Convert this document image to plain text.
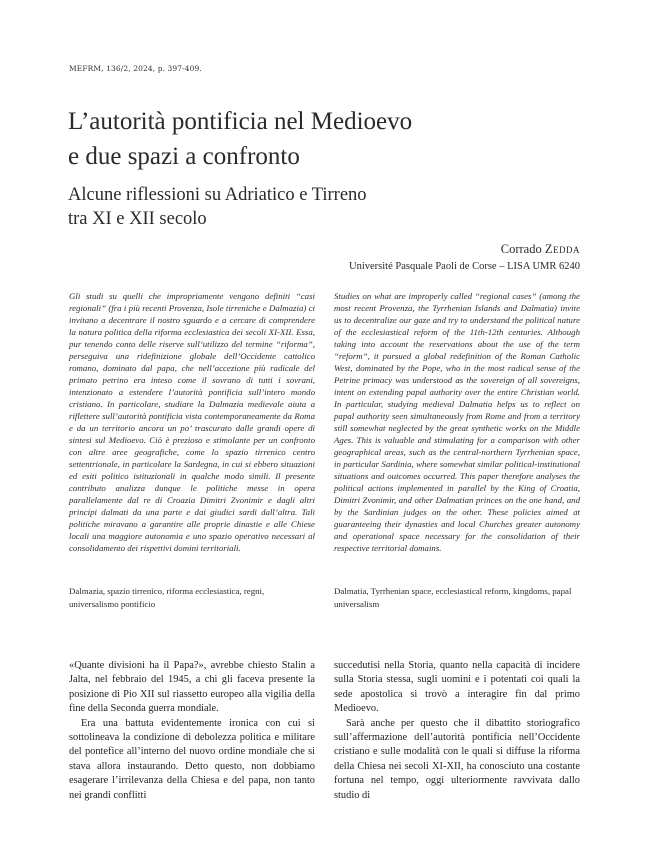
MEFRM, 136/2, 2024, p. 397-409.
L’autorità pontificia nel Medioevo
e due spazi a confronto
Alcune riflessioni su Adriatico e Tirreno
tra XI e XII secolo
Corrado Zedda
Université Pasquale Paoli de Corse – LISA UMR 6240
Gli studi su quelli che impropriamente vengono definiti “casi regionali” (fra i più recenti Provenza, Isole tirreniche e Dalmazia) ci invitano a decentrare il nostro sguardo e a cercare di comprendere la natura politica della riforma ecclesiastica dei secoli XI-XII. Essa, pur tenendo conto delle riserve sull’utilizzo del termine “riforma”, perseguiva una ridefinizione globale dell’Occidente cattolico romano, dominato dal papa, che nell’accezione più radicale del primato petrino era inteso come il sovrano di tutti i sovrani, intenzionato a estendere l’autorità pontificia sull’intero mondo cristiano. In particolare, studiare la Dalmazia medievale aiuta a riflettere sull’autorità pontificia vista contemporaneamente da Roma e da un territorio ancora un po’ trascurato dalle grandi opere di sintesi sul Medioevo. Ciò è prezioso e stimolante per un confronto con altre aree geografiche, come lo spazio tirrenico centro settentrionale, in particolare la Sardegna, in cui si ebbero situazioni ed esiti politico istituzionali in qualche modo simili. Il presente contributo analizza dunque le politiche messe in opera parallelamente dal re di Croazia Dimitri Zvonimir e dagli altri principi dalmati da una parte e dai giudici sardi dall’altra. Tali politiche miravano a garantire alle proprie dinastie e alle Chiese locali una maggiore autonomia e uno spazio operativo necessari al consolidamento dei rispettivi domini territoriali.
Studies on what are improperly called “regional cases” (among the most recent Provenza, the Tyrrhenian Islands and Dalmatia) invite us to decentralize our gaze and try to understand the political nature of the ecclesiastical reform of the 11th-12th centuries. Although taking into account the reservations about the use of the term “reform”, it pursued a global redefinition of the Roman Catholic West, dominated by the Pope, who in the most radical sense of the Petrine primacy was understood as the sovereign of all sovereigns, intent on extending papal authority over the entire Christian world. In particular, studying medieval Dalmatia helps us to reflect on papal authority seen simultaneously from Rome and from a territory still somewhat neglected by the great synthetic works on the Middle Ages. This is valuable and stimulating for a comparison with other geographical areas, such as the central-northern Tyrrhenian space, in particular Sardinia, where somewhat similar political-institutional situations and outcomes occurred. This paper therefore analyses the political actions implemented in parallel by the King of Croatia, Dimitri Zvonimir, and other Dalmatian princes on the one hand, and by the Sardinian judges on the other. These policies aimed at guaranteeing their dynasties and local Churches greater autonomy and operational space necessary for the consolidation of their respective territorial domains.
Dalmazia, spazio tirrenico, riforma ecclesiastica, regni, universalismo pontificio
Dalmatia, Tyrrhenian space, ecclesiastical reform, kingdoms, papal universalism

«Quante divisioni ha il Papa?», avrebbe chiesto Stalin a Jalta, nel febbraio del 1945, a chi gli faceva presente la posizione di Pio XII sul riassetto europeo alla vigilia della fine della Seconda guerra mondiale.

Era una battuta evidentemente ironica con cui si sottolineava la condizione di debolezza politica e militare del pontefice all’interno del nuovo ordine mondiale che si stava allora instaurando. Detto questo, non dobbiamo esagerare l’irrilevanza della Chiesa e del papa, non tanto nei grandi conflitti

succedutisi nella Storia, quanto nella capacità di incidere sulla Storia stessa, sugli uomini e i potentati coi quali la sede apostolica si trovò a interagire fin dal primo Medioevo.

Sarà anche per questo che il dibattito storiografico sull’affermazione dell’autorità pontificia nell’Occidente cristiano e sulle modalità con le quali si diffuse la riforma della Chiesa nei secoli XI-XII, ha conosciuto una costante fortuna nel tempo, oggi ulteriormente ravvivata dallo studio di
